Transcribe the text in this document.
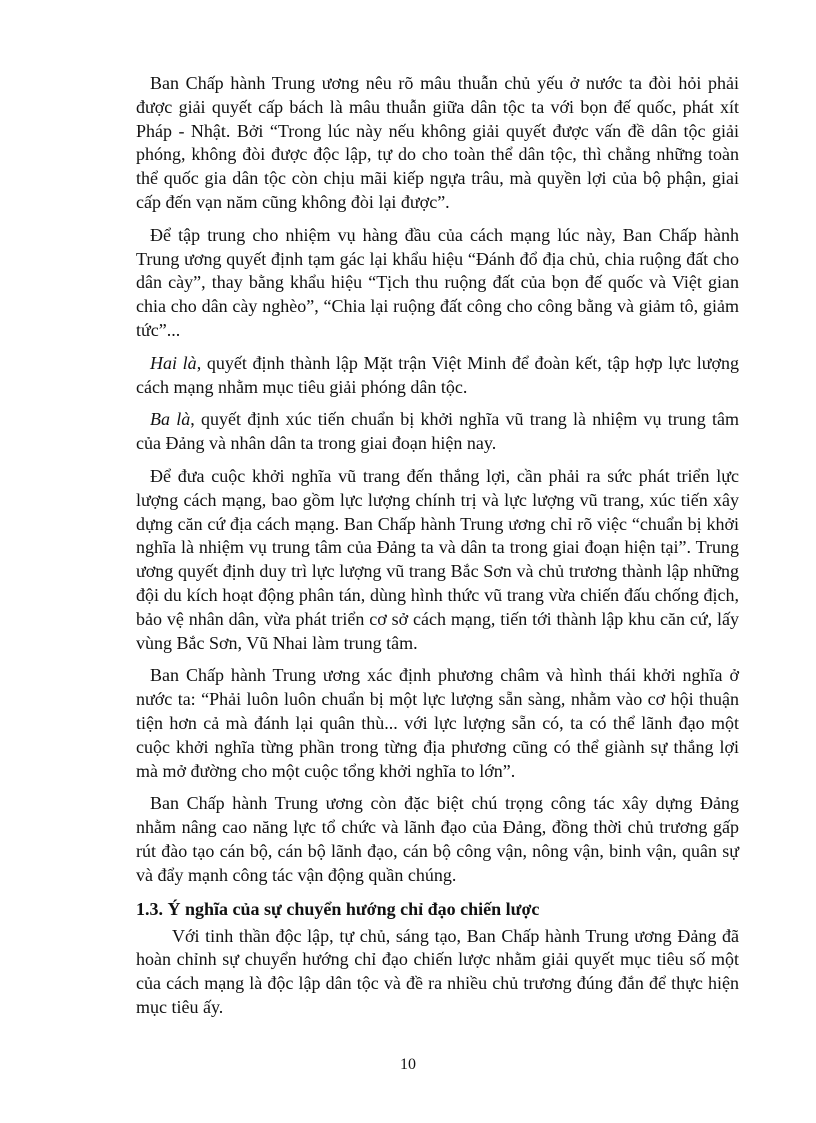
Ban Chấp hành Trung ương nêu rõ mâu thuẫn chủ yếu ở nước ta đòi hỏi phải được giải quyết cấp bách là mâu thuẫn giữa dân tộc ta với bọn đế quốc, phát xít Pháp - Nhật. Bởi “Trong lúc này nếu không giải quyết được vấn đề dân tộc giải phóng, không đòi được độc lập, tự do cho toàn thể dân tộc, thì chẳng những toàn thể quốc gia dân tộc còn chịu mãi kiếp ngựa trâu, mà quyền lợi của bộ phận, giai cấp đến vạn năm cũng không đòi lại được”.

Để tập trung cho nhiệm vụ hàng đầu của cách mạng lúc này, Ban Chấp hành Trung ương quyết định tạm gác lại khẩu hiệu “Đánh đổ địa chủ, chia ruộng đất cho dân cày”, thay bằng khẩu hiệu “Tịch thu ruộng đất của bọn đế quốc và Việt gian chia cho dân cày nghèo”, “Chia lại ruộng đất công cho công bằng và giảm tô, giảm tức”...

Hai là, quyết định thành lập Mặt trận Việt Minh để đoàn kết, tập hợp lực lượng cách mạng nhằm mục tiêu giải phóng dân tộc.

Ba là, quyết định xúc tiến chuẩn bị khởi nghĩa vũ trang là nhiệm vụ trung tâm của Đảng và nhân dân ta trong giai đoạn hiện nay.

Để đưa cuộc khởi nghĩa vũ trang đến thắng lợi, cần phải ra sức phát triển lực lượng cách mạng, bao gồm lực lượng chính trị và lực lượng vũ trang, xúc tiến xây dựng căn cứ địa cách mạng. Ban Chấp hành Trung ương chỉ rõ việc “chuẩn bị khởi nghĩa là nhiệm vụ trung tâm của Đảng ta và dân ta trong giai đoạn hiện tại”. Trung ương quyết định duy trì lực lượng vũ trang Bắc Sơn và chủ trương thành lập những đội du kích hoạt động phân tán, dùng hình thức vũ trang vừa chiến đấu chống địch, bảo vệ nhân dân, vừa phát triển cơ sở cách mạng, tiến tới thành lập khu căn cứ, lấy vùng Bắc Sơn, Vũ Nhai làm trung tâm.

Ban Chấp hành Trung ương xác định phương châm và hình thái khởi nghĩa ở nước ta: “Phải luôn luôn chuẩn bị một lực lượng sẵn sàng, nhằm vào cơ hội thuận tiện hơn cả mà đánh lại quân thù... với lực lượng sẵn có, ta có thể lãnh đạo một cuộc khởi nghĩa từng phần trong từng địa phương cũng có thể giành sự thắng lợi mà mở đường cho một cuộc tổng khởi nghĩa to lớn”.

Ban Chấp hành Trung ương còn đặc biệt chú trọng công tác xây dựng Đảng nhằm nâng cao năng lực tổ chức và lãnh đạo của Đảng, đồng thời chủ trương gấp rút đào tạo cán bộ, cán bộ lãnh đạo, cán bộ công vận, nông vận, binh vận, quân sự và đẩy mạnh công tác vận động quần chúng.

1.3. Ý nghĩa của sự chuyển hướng chỉ đạo chiến lược

Với tinh thần độc lập, tự chủ, sáng tạo, Ban Chấp hành Trung ương Đảng đã hoàn chỉnh sự chuyển hướng chỉ đạo chiến lược nhằm giải quyết mục tiêu số một của cách mạng là độc lập dân tộc và đề ra nhiều chủ trương đúng đắn để thực hiện mục tiêu ấy.

10
